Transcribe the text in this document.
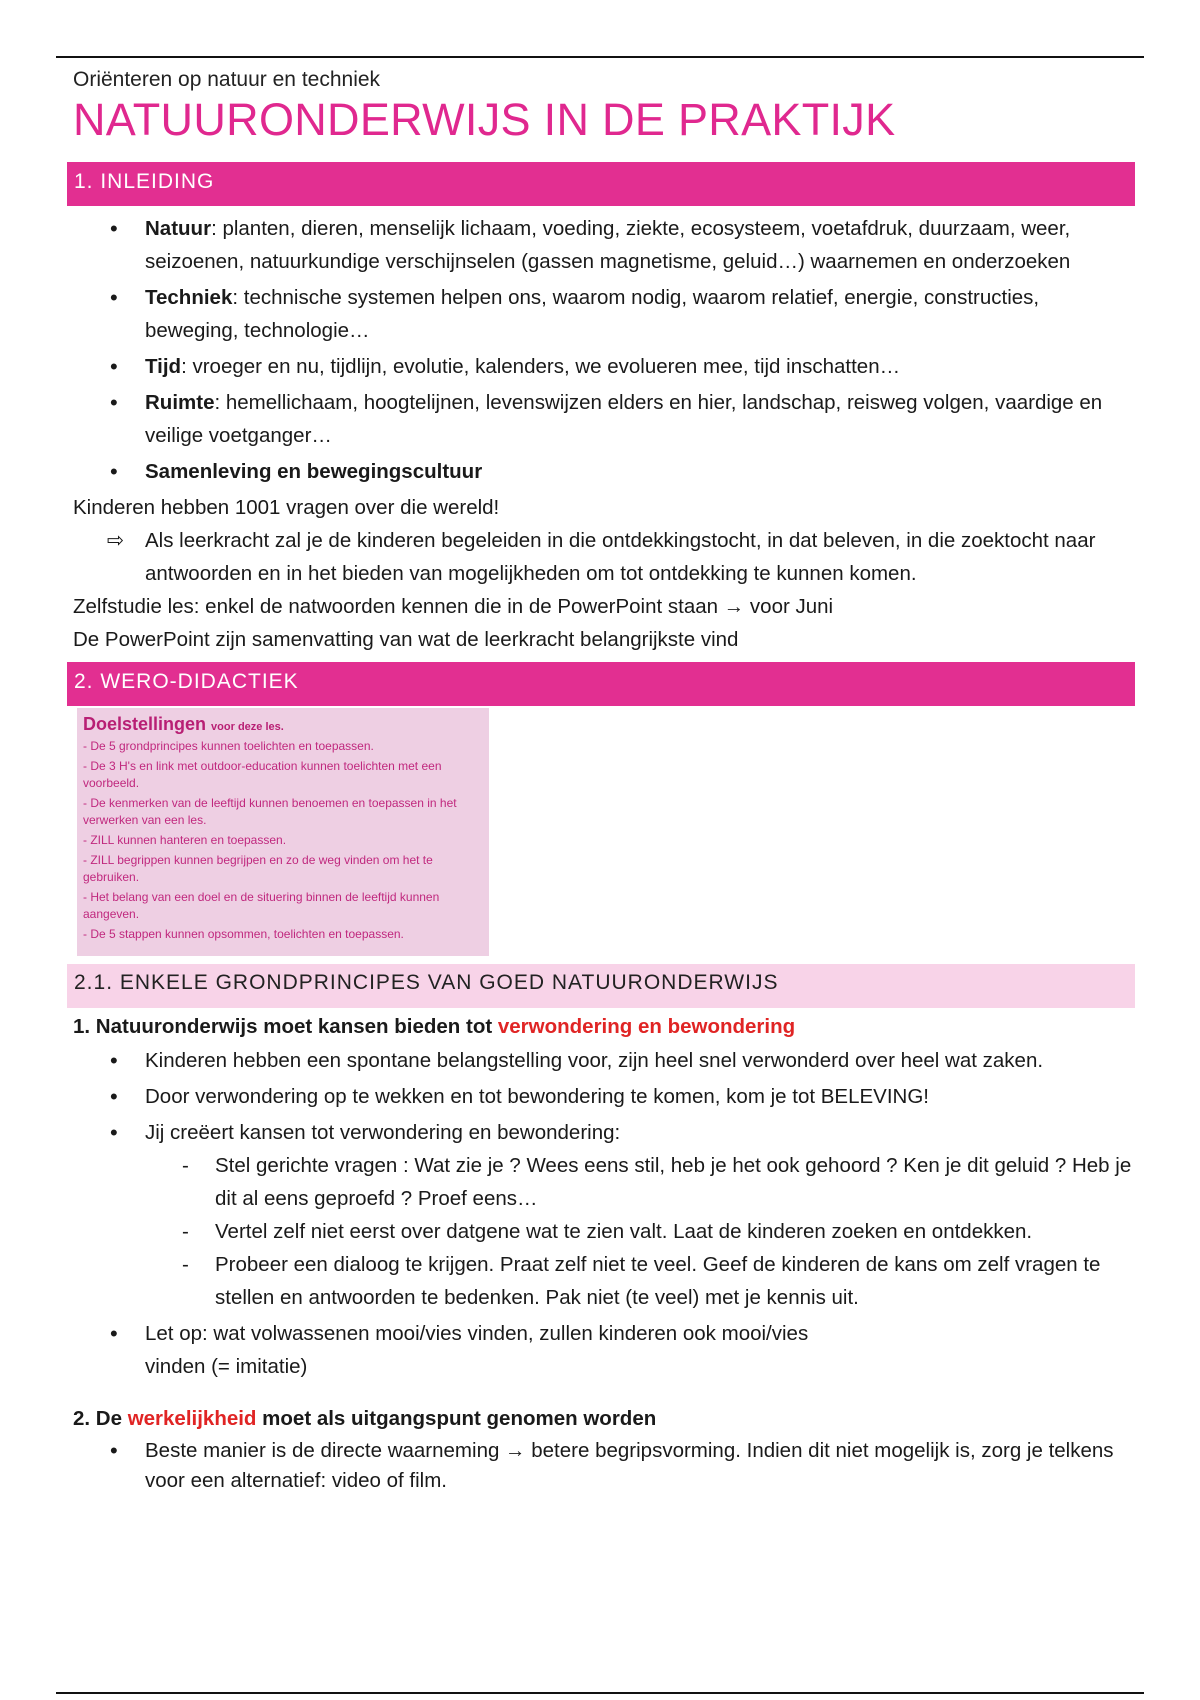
Oriënteren op natuur en techniek
NATUURONDERWIJS IN DE PRAKTIJK
1. INLEIDING
• Natuur: planten, dieren, menselijk lichaam, voeding, ziekte, ecosysteem, voetafdruk, duurzaam, weer, seizoenen, natuurkundige verschijnselen (gassen magnetisme, geluid…) waarnemen en onderzoeken
• Techniek: technische systemen helpen ons, waarom nodig, waarom relatief, energie, constructies, beweging, technologie…
• Tijd: vroeger en nu, tijdlijn, evolutie, kalenders, we evolueren mee, tijd inschatten…
• Ruimte: hemellichaam, hoogtelijnen, levenswijzen elders en hier, landschap, reisweg volgen, vaardige en veilige voetganger…
• Samenleving en bewegingscultuur
Kinderen hebben 1001 vragen over die wereld!
⇨ Als leerkracht zal je de kinderen begeleiden in die ontdekkingstocht, in dat beleven, in die zoektocht naar antwoorden en in het bieden van mogelijkheden om tot ontdekking te kunnen komen.
Zelfstudie les: enkel de natwoorden kennen die in de PowerPoint staan → voor Juni
De PowerPoint zijn samenvatting van wat de leerkracht belangrijkste vind
2. WERO-DIDACTIEK
Doelstellingen voor deze les.
- De 5 grondprincipes kunnen toelichten en toepassen.
- De 3 H's en link met outdoor-education kunnen toelichten met een voorbeeld.
- De kenmerken van de leeftijd kunnen benoemen en toepassen in het verwerken van een les.
- ZILL kunnen hanteren en toepassen.
- ZILL begrippen kunnen begrijpen en zo de weg vinden om het te gebruiken.
- Het belang van een doel en de situering binnen de leeftijd kunnen aangeven.
- De 5 stappen kunnen opsommen, toelichten en toepassen.
2.1. ENKELE GRONDPRINCIPES VAN GOED NATUURONDERWIJS
1. Natuuronderwijs moet kansen bieden tot verwondering en bewondering
• Kinderen hebben een spontane belangstelling voor, zijn heel snel verwonderd over heel wat zaken.
• Door verwondering op te wekken en tot bewondering te komen, kom je tot BELEVING!
• Jij creëert kansen tot verwondering en bewondering:
- Stel gerichte vragen : Wat zie je ? Wees eens stil, heb je het ook gehoord ? Ken je dit geluid ? Heb je dit al eens geproefd ? Proef eens…
- Vertel zelf niet eerst over datgene wat te zien valt. Laat de kinderen zoeken en ontdekken.
- Probeer een dialoog te krijgen. Praat zelf niet te veel. Geef de kinderen de kans om zelf vragen te stellen en antwoorden te bedenken. Pak niet (te veel) met je kennis uit.
• Let op: wat volwassenen mooi/vies vinden, zullen kinderen ook mooi/vies vinden (= imitatie)
2. De werkelijkheid moet als uitgangspunt genomen worden
• Beste manier is de directe waarneming → betere begripsvorming. Indien dit niet mogelijk is, zorg je telkens voor een alternatief: video of film.
